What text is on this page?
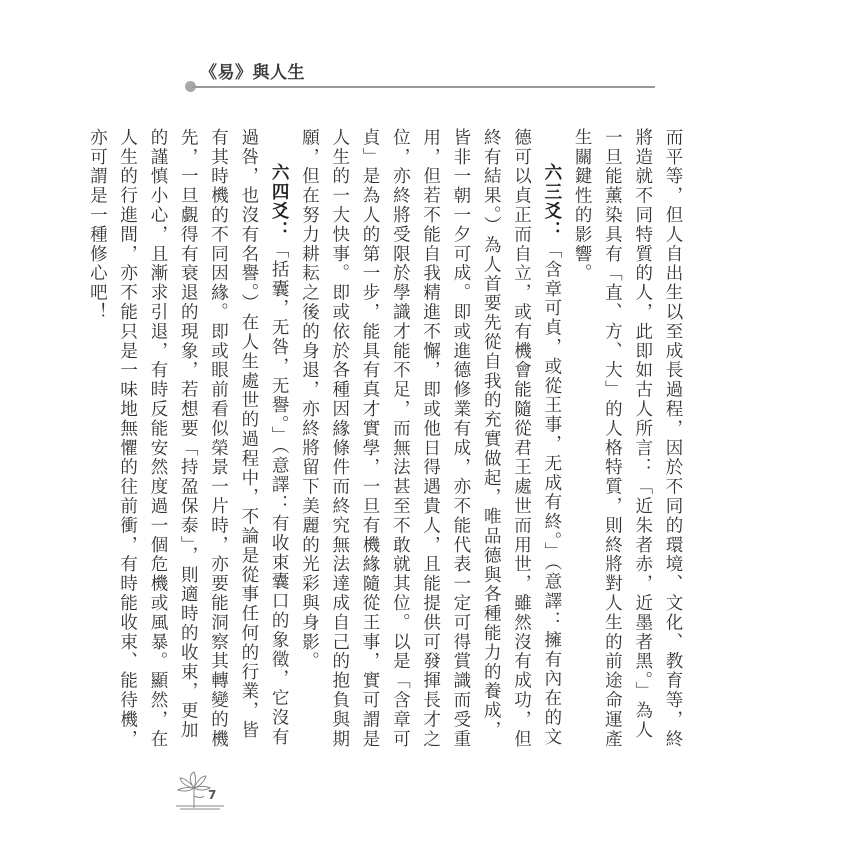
《易》與人生

而平等，但人自出生以至成長過程，因於不同的環境、文化、教育等，終將造就不同特質的人，此即如古人所言：「近朱者赤，近墨者黑。」為人一旦能薰染具有「直、方、大」的人格特質，則終將對人生的前途命運產生關鍵性的影響。

六三爻：「含章可貞，或從王事，无成有終。」（意譯：擁有內在的文德可以貞正而自立，或有機會能隨從君王處世而用世，雖然沒有成功，但終有結果。）為人首要先從自我的充實做起，唯品德與各種能力的養成，皆非一朝一夕可成。即或進德修業有成，亦不能代表一定可得賞識而受重用，但若不能自我精進不懈，即或他日得遇貴人，且能提供可發揮長才之位，亦終將受限於學識才能不足，而無法甚至不敢就其位。以是「含章可貞」是為人的第一步，能具有真才實學，一旦有機緣隨從王事，實可謂是人生的一大快事。即或依於各種因緣條件而終究無法達成自己的抱負與期願，但在努力耕耘之後的身退，亦終將留下美麗的光彩與身影。

六四爻：「括囊，无咎，无譽。」（意譯：有收束囊口的象徵，它沒有過咎，也沒有名譽。）在人生處世的過程中，不論是從事任何的行業，皆有其時機的不同因緣。即或眼前看似榮景一片時，亦要能洞察其轉變的機先，一旦覷得有衰退的現象，若想要「持盈保泰」，則適時的收束，更加的謹慎小心，且漸求引退，有時反能安然度過一個危機或風暴。顯然，在人生的行進間，亦不能只是一味地無懼的往前衝，有時能收束、能待機，亦可謂是一種修心吧！

7
